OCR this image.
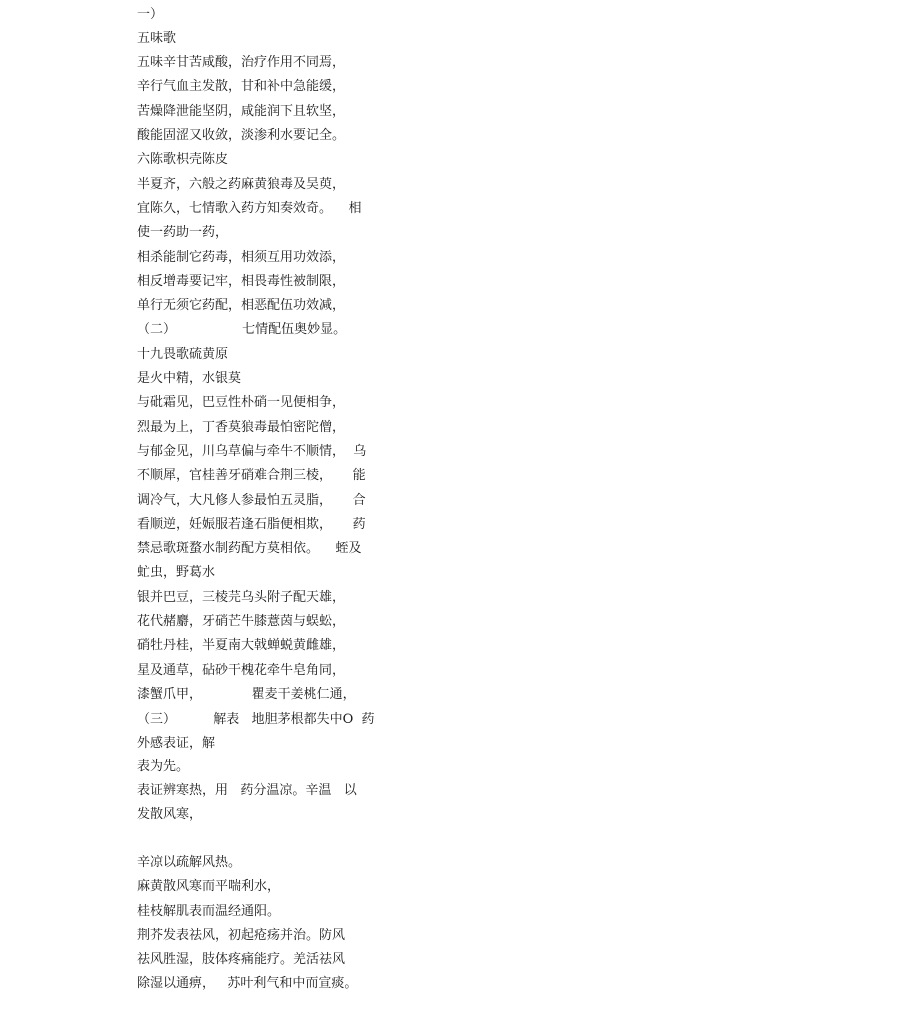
一）
五味歌
五味辛甘苦咸酸，治疗作用不同焉，
辛行气血主发散，甘和补中急能缓，
苦燥降泄能坚阴，咸能润下且软坚，
酸能固涩又收敛，淡渗利水要记全。
六陈歌枳壳陈皮
半夏齐，六般之药麻黄狼毒及吴萸，
宜陈久，七情歌入药方知奏效奇。    相
使一药助一药，
相杀能制它药毒，相须互用功效添，
相反增毒要记牢，相畏毒性被制限，
单行无须它药配，相恶配伍功效减，
（二）                七情配伍奥妙显。
十九畏歌硫黄原
是火中精，水银莫
与砒霜见，巴豆性朴硝一见便相争，
烈最为上，丁香莫狼毒最怕密陀僧，
与郁金见，川乌草偏与牵牛不顺情，  乌
不顺犀，官桂善牙硝难合荆三棱，     能
调冷气，大凡修人参最怕五灵脂，     合
看顺逆，妊娠服若逢石脂便相欺，     药
禁忌歌斑蝥水制药配方莫相依。    蛭及
虻虫，野葛水
银并巴豆，三棱芫乌头附子配天雄，
花代赭麝，牙硝芒牛膝薏茵与蜈蚣，
硝牡丹桂，半夏南大戟蝉蜕黄雌雄，
星及通草，砧砂干槐花牵牛皂角同，
漆蟹爪甲，            瞿麦干姜桃仁通，
（三）         解表   地胆茅根都失中O  药
外感表证，解
表为先。
表证辨寒热，用   药分温凉。辛温   以
发散风寒，
辛凉以疏解风热。
麻黄散风寒而平喘利水，
桂枝解肌表而温经通阳。
荆芥发表祛风，初起疮疡并治。防风
祛风胜湿，肢体疼痛能疗。羌活祛风
除湿以通痹，   苏叶利气和中而宣痰。
